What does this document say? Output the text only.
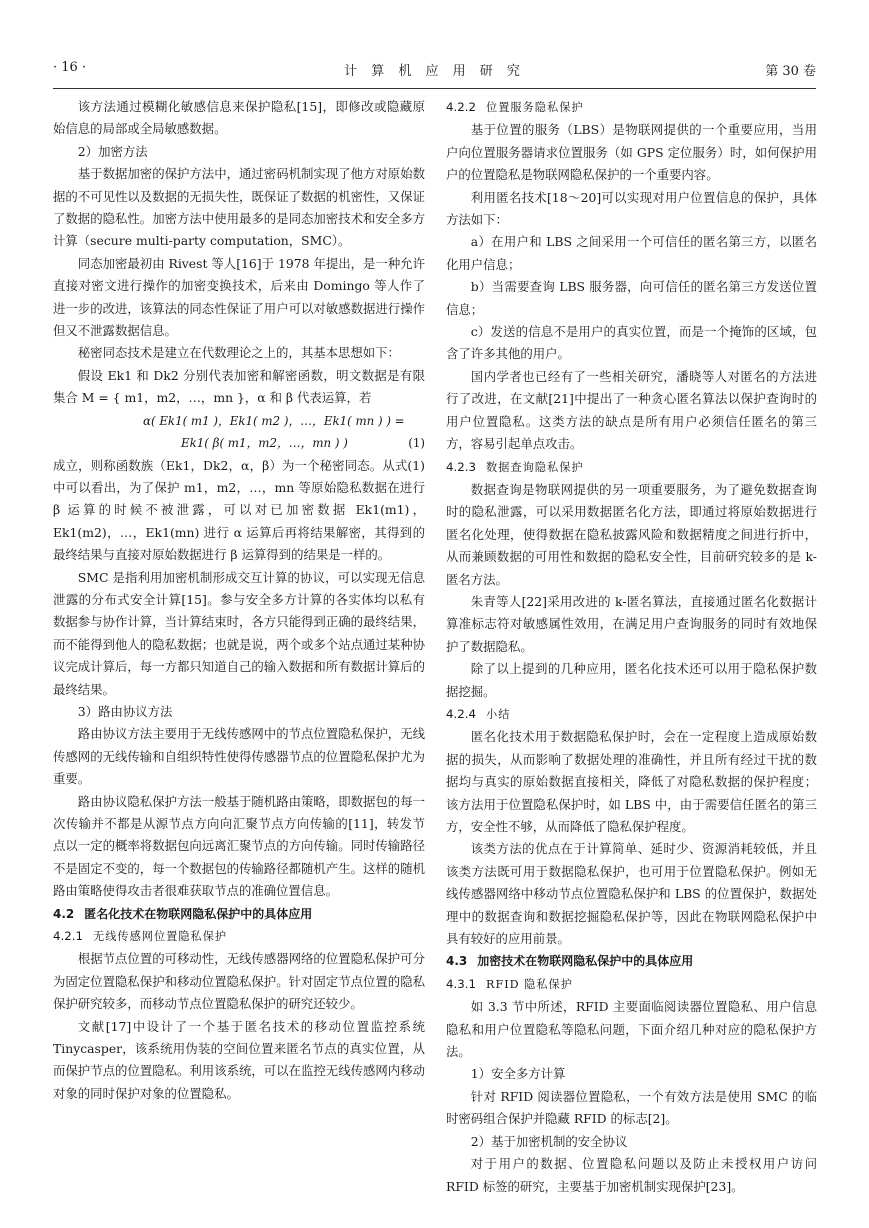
· 16 ·	计 算 机 应 用 研 究	第 30 卷
该方法通过模糊化敏感信息来保护隐私[15]，即修改或隐藏原始信息的局部或全局敏感数据。
2）加密方法
基于数据加密的保护方法中，通过密码机制实现了他方对原始数据的不可见性以及数据的无损失性，既保证了数据的机密性，又保证了数据的隐私性。加密方法中使用最多的是同态加密技术和安全多方计算（secure multi-party computation，SMC）。
同态加密最初由 Rivest 等人[16]于 1978 年提出，是一种允许直接对密文进行操作的加密变换技术，后来由 Domingo 等人作了进一步的改进，该算法的同态性保证了用户可以对敏感数据进行操作但又不泄露数据信息。
秘密同态技术是建立在代数理论之上的，其基本思想如下：
假设 Ek1 和 Dk2 分别代表加密和解密函数，明文数据是有限集合 M = { m1，m2，…，mn }，α 和 β 代表运算，若
α( Ek1( m1 )，Ek1( m2 )，…，Ek1( mn ) ) =
Ek1( β( m1，m2，…，mn ) )	(1)
成立，则称函数族（Ek1，Dk2，α，β）为一个秘密同态。从式(1)中可以看出，为了保护 m1，m2，…，mn 等原始隐私数据在进行 β 运算的时候不被泄露，可以对已加密数据 Ek1(m1)，Ek1(m2)，…，Ek1(mn) 进行 α 运算后再将结果解密，其得到的最终结果与直接对原始数据进行 β 运算得到的结果是一样的。
SMC 是指利用加密机制形成交互计算的协议，可以实现无信息泄露的分布式安全计算[15]。参与安全多方计算的各实体均以私有数据参与协作计算，当计算结束时，各方只能得到正确的最终结果，而不能得到他人的隐私数据；也就是说，两个或多个站点通过某种协议完成计算后，每一方都只知道自己的输入数据和所有数据计算后的最终结果。
3）路由协议方法
路由协议方法主要用于无线传感网中的节点位置隐私保护，无线传感网的无线传输和自组织特性使得传感器节点的位置隐私保护尤为重要。
路由协议隐私保护方法一般基于随机路由策略，即数据包的每一次传输并不都是从源节点方向向汇聚节点方向传输的[11]，转发节点以一定的概率将数据包向远离汇聚节点的方向传输。同时传输路径不是固定不变的，每一个数据包的传输路径都随机产生。这样的随机路由策略使得攻击者很难获取节点的准确位置信息。
4.2 匿名化技术在物联网隐私保护中的具体应用
4.2.1 无线传感网位置隐私保护
根据节点位置的可移动性，无线传感器网络的位置隐私保护可分为固定位置隐私保护和移动位置隐私保护。针对固定节点位置的隐私保护研究较多，而移动节点位置隐私保护的研究还较少。
文献[17]中设计了一个基于匿名技术的移动位置监控系统 Tinycasper，该系统用伪装的空间位置来匿名节点的真实位置，从而保护节点的位置隐私。利用该系统，可以在监控无线传感网内移动对象的同时保护对象的位置隐私。
4.2.2 位置服务隐私保护
基于位置的服务（LBS）是物联网提供的一个重要应用，当用户向位置服务器请求位置服务（如 GPS 定位服务）时，如何保护用户的位置隐私是物联网隐私保护的一个重要内容。
利用匿名技术[18～20]可以实现对用户位置信息的保护，具体方法如下：
a）在用户和 LBS 之间采用一个可信任的匿名第三方，以匿名化用户信息；
b）当需要查询 LBS 服务器，向可信任的匿名第三方发送位置信息；
c）发送的信息不是用户的真实位置，而是一个掩饰的区域，包含了许多其他的用户。
国内学者也已经有了一些相关研究，潘晓等人对匿名的方法进行了改进，在文献[21]中提出了一种贪心匿名算法以保护查询时的用户位置隐私。这类方法的缺点是所有用户必须信任匿名的第三方，容易引起单点攻击。
4.2.3 数据查询隐私保护
数据查询是物联网提供的另一项重要服务，为了避免数据查询时的隐私泄露，可以采用数据匿名化方法，即通过将原始数据进行匿名化处理，使得数据在隐私披露风险和数据精度之间进行折中，从而兼顾数据的可用性和数据的隐私安全性，目前研究较多的是 k-匿名方法。
朱青等人[22]采用改进的 k-匿名算法，直接通过匿名化数据计算准标志符对敏感属性效用，在满足用户查询服务的同时有效地保护了数据隐私。
除了以上提到的几种应用，匿名化技术还可以用于隐私保护数据挖掘。
4.2.4 小结
匿名化技术用于数据隐私保护时，会在一定程度上造成原始数据的损失，从而影响了数据处理的准确性，并且所有经过干扰的数据均与真实的原始数据直接相关，降低了对隐私数据的保护程度；该方法用于位置隐私保护时，如 LBS 中，由于需要信任匿名的第三方，安全性不够，从而降低了隐私保护程度。
该类方法的优点在于计算简单、延时少、资源消耗较低，并且该类方法既可用于数据隐私保护，也可用于位置隐私保护。例如无线传感器网络中移动节点位置隐私保护和 LBS 的位置保护，数据处理中的数据查询和数据挖掘隐私保护等，因此在物联网隐私保护中具有较好的应用前景。
4.3 加密技术在物联网隐私保护中的具体应用
4.3.1 RFID 隐私保护
如 3.3 节中所述，RFID 主要面临阅读器位置隐私、用户信息隐私和用户位置隐私等隐私问题，下面介绍几种对应的隐私保护方法。
1）安全多方计算
针对 RFID 阅读器位置隐私，一个有效方法是使用 SMC 的临时密码组合保护并隐藏 RFID 的标志[2]。
2）基于加密机制的安全协议
对于用户的数据、位置隐私问题以及防止未授权用户访问 RFID 标签的研究，主要基于加密机制实现保护[23]。
